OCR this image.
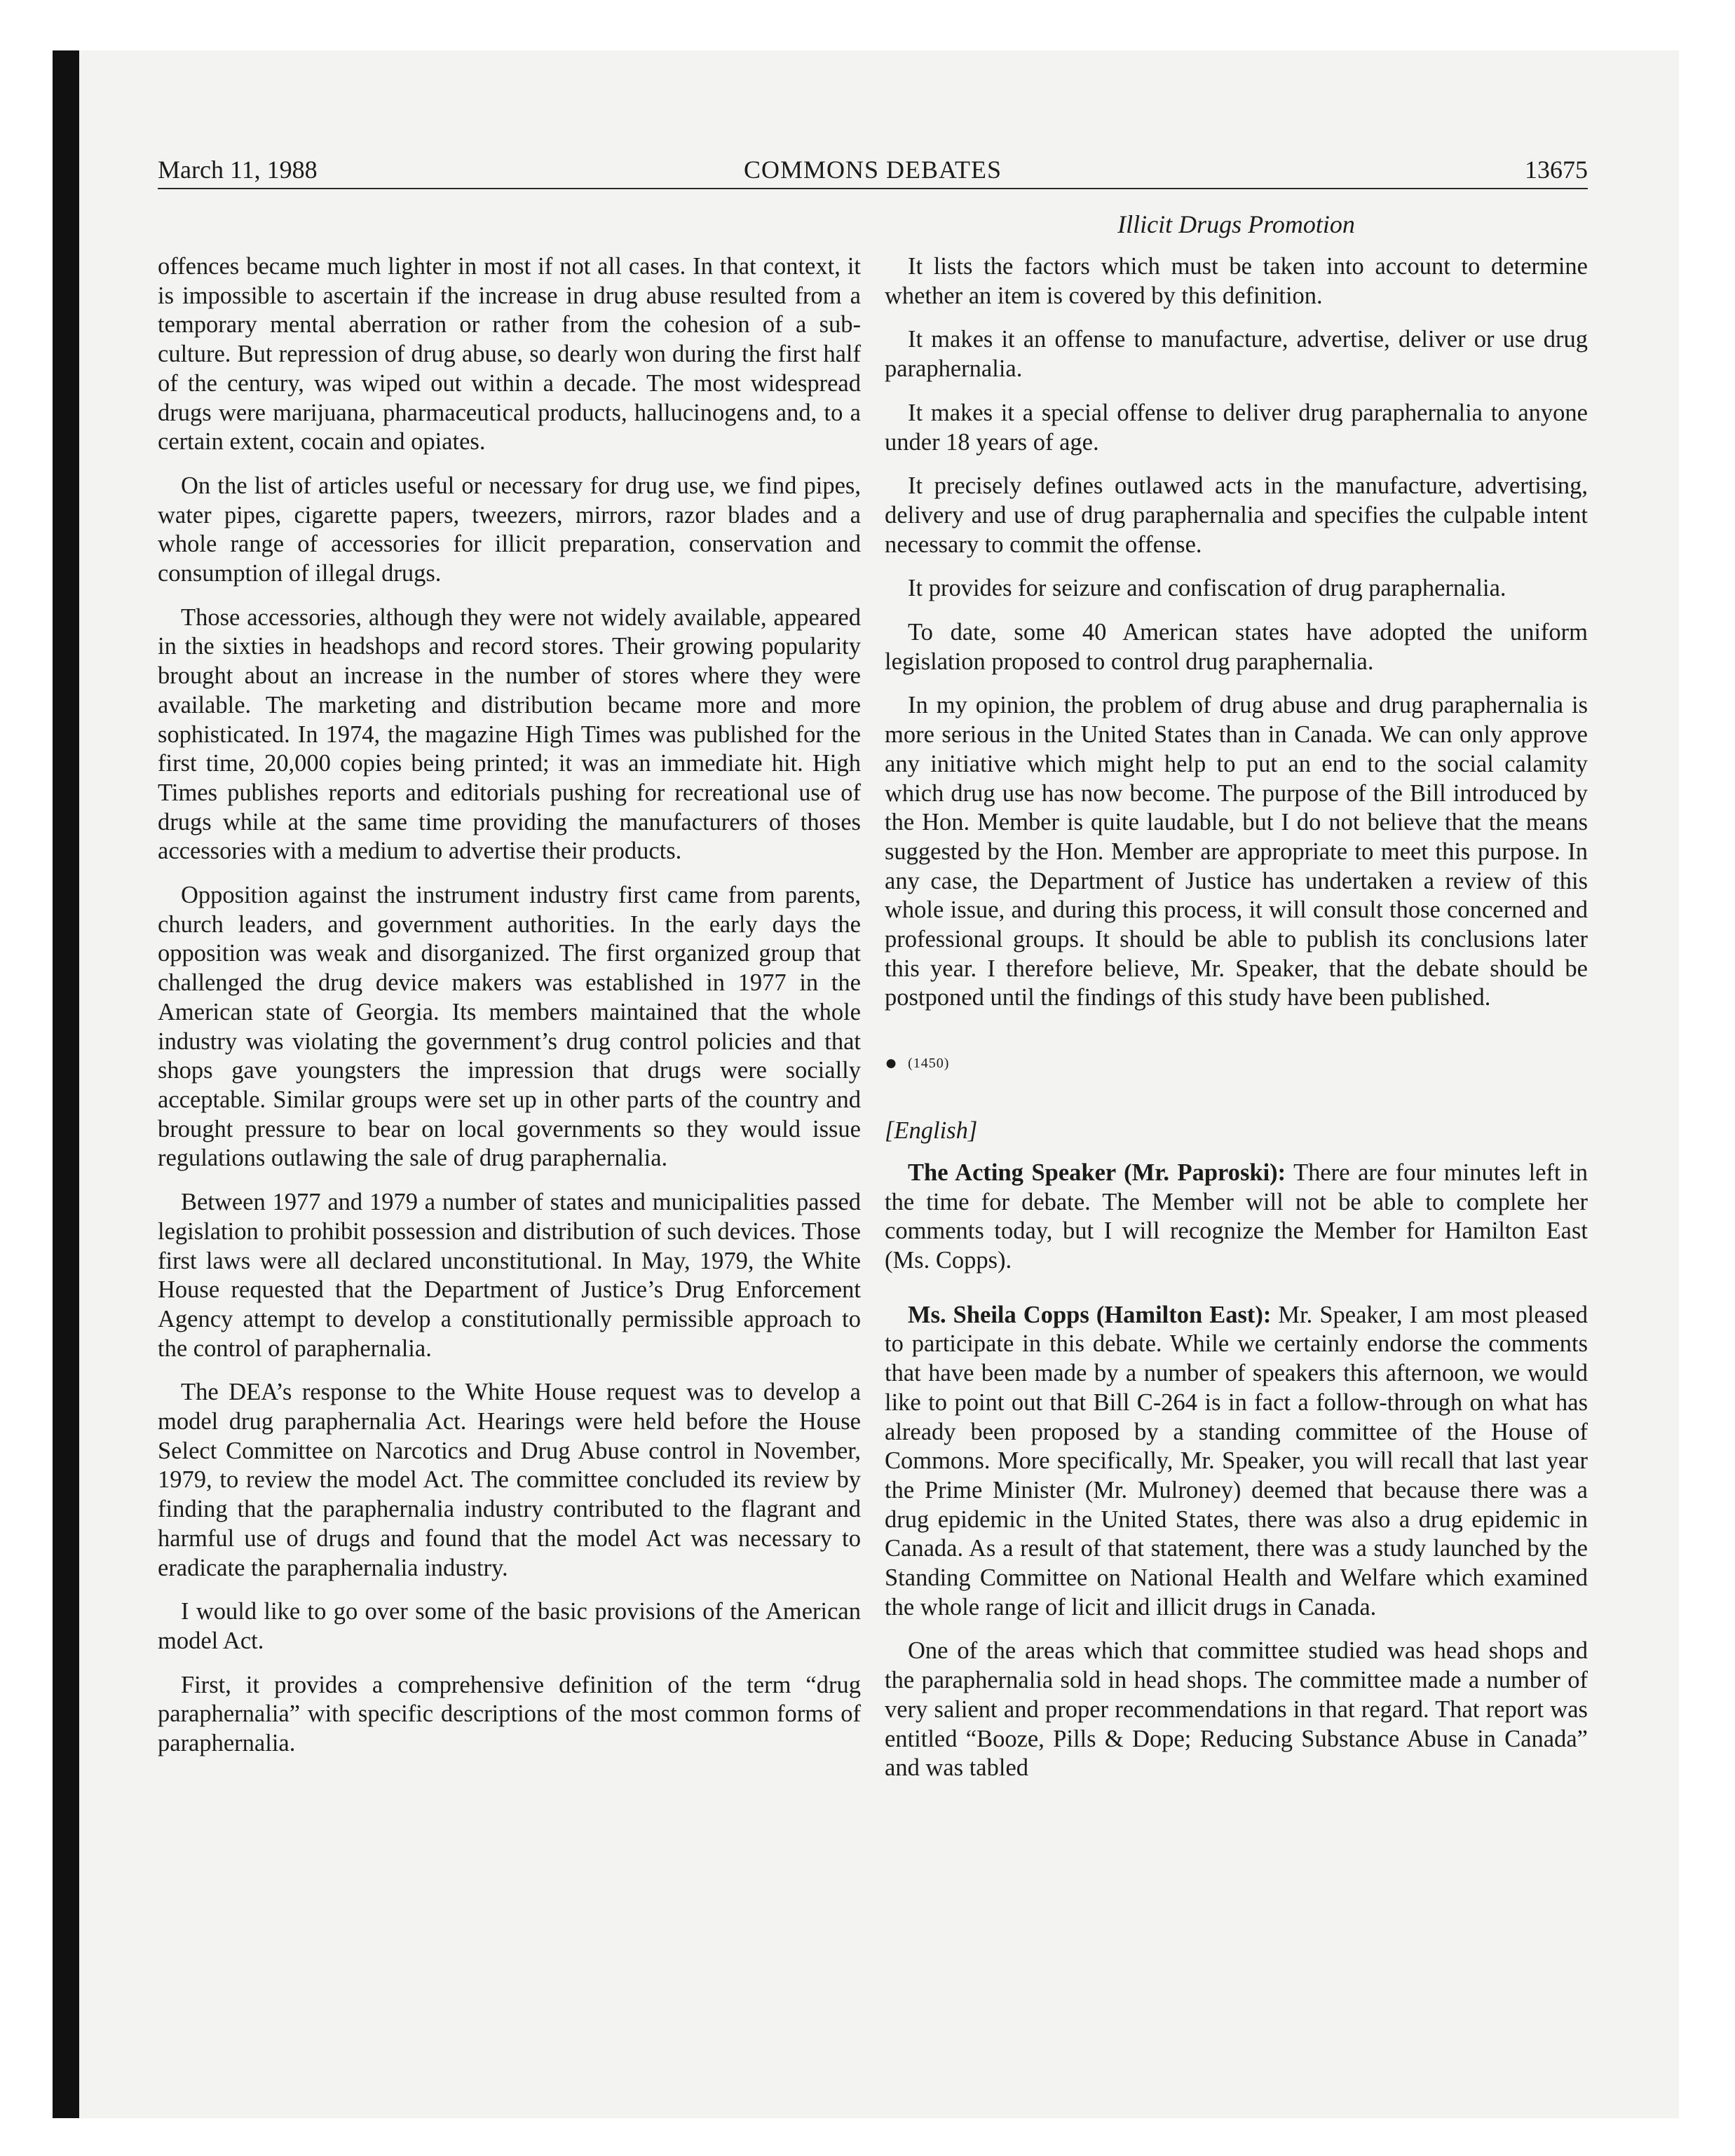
March 11, 1988	COMMONS DEBATES	13675
Illicit Drugs Promotion

offences became much lighter in most if not all cases. In that context, it is impossible to ascertain if the increase in drug abuse resulted from a temporary mental aberration or rather from the cohesion of a sub-culture. But repression of drug abuse, so dearly won during the first half of the century, was wiped out within a decade. The most widespread drugs were marijuana, pharmaceutical products, hallucinogens and, to a certain extent, cocain and opiates.

On the list of articles useful or necessary for drug use, we find pipes, water pipes, cigarette papers, tweezers, mirrors, razor blades and a whole range of accessories for illicit preparation, conservation and consumption of illegal drugs.

Those accessories, although they were not widely available, appeared in the sixties in headshops and record stores. Their growing popularity brought about an increase in the number of stores where they were available. The marketing and distribution became more and more sophisticated. In 1974, the magazine High Times was published for the first time, 20,000 copies being printed; it was an immediate hit. High Times publishes reports and editorials pushing for recreational use of drugs while at the same time providing the manufacturers of thoses accessories with a medium to advertise their products.

Opposition against the instrument industry first came from parents, church leaders, and government authorities. In the early days the opposition was weak and disorganized. The first organized group that challenged the drug device makers was established in 1977 in the American state of Georgia. Its members maintained that the whole industry was violating the government’s drug control policies and that shops gave youngsters the impression that drugs were socially acceptable. Similar groups were set up in other parts of the country and brought pressure to bear on local governments so they would issue regulations outlawing the sale of drug paraphernalia.

Between 1977 and 1979 a number of states and municipalities passed legislation to prohibit possession and distribution of such devices. Those first laws were all declared unconstitutional. In May, 1979, the White House requested that the Department of Justice’s Drug Enforcement Agency attempt to develop a constitutionally permissible approach to the control of paraphernalia.

The DEA’s response to the White House request was to develop a model drug paraphernalia Act. Hearings were held before the House Select Committee on Narcotics and Drug Abuse control in November, 1979, to review the model Act. The committee concluded its review by finding that the paraphernalia industry contributed to the flagrant and harmful use of drugs and found that the model Act was necessary to eradicate the paraphernalia industry.

I would like to go over some of the basic provisions of the American model Act.

First, it provides a comprehensive definition of the term “drug paraphernalia” with specific descriptions of the most common forms of paraphernalia.

It lists the factors which must be taken into account to determine whether an item is covered by this definition.

It makes it an offense to manufacture, advertise, deliver or use drug paraphernalia.

It makes it a special offense to deliver drug paraphernalia to anyone under 18 years of age.

It precisely defines outlawed acts in the manufacture, advertising, delivery and use of drug paraphernalia and specifies the culpable intent necessary to commit the offense.

It provides for seizure and confiscation of drug paraphernalia.

To date, some 40 American states have adopted the uniform legislation proposed to control drug paraphernalia.

In my opinion, the problem of drug abuse and drug paraphernalia is more serious in the United States than in Canada. We can only approve any initiative which might help to put an end to the social calamity which drug use has now become. The purpose of the Bill introduced by the Hon. Member is quite laudable, but I do not believe that the means suggested by the Hon. Member are appropriate to meet this purpose. In any case, the Department of Justice has undertaken a review of this whole issue, and during this process, it will consult those concerned and professional groups. It should be able to publish its conclusions later this year. I therefore believe, Mr. Speaker, that the debate should be postponed until the findings of this study have been published.

● (1450)
[English]

The Acting Speaker (Mr. Paproski): There are four minutes left in the time for debate. The Member will not be able to complete her comments today, but I will recognize the Member for Hamilton East (Ms. Copps).

Ms. Sheila Copps (Hamilton East): Mr. Speaker, I am most pleased to participate in this debate. While we certainly endorse the comments that have been made by a number of speakers this afternoon, we would like to point out that Bill C-264 is in fact a follow-through on what has already been proposed by a standing committee of the House of Commons. More specifically, Mr. Speaker, you will recall that last year the Prime Minister (Mr. Mulroney) deemed that because there was a drug epidemic in the United States, there was also a drug epidemic in Canada. As a result of that statement, there was a study launched by the Standing Committee on National Health and Welfare which examined the whole range of licit and illicit drugs in Canada.

One of the areas which that committee studied was head shops and the paraphernalia sold in head shops. The committee made a number of very salient and proper recommendations in that regard. That report was entitled “Booze, Pills & Dope; Reducing Substance Abuse in Canada” and was tabled
